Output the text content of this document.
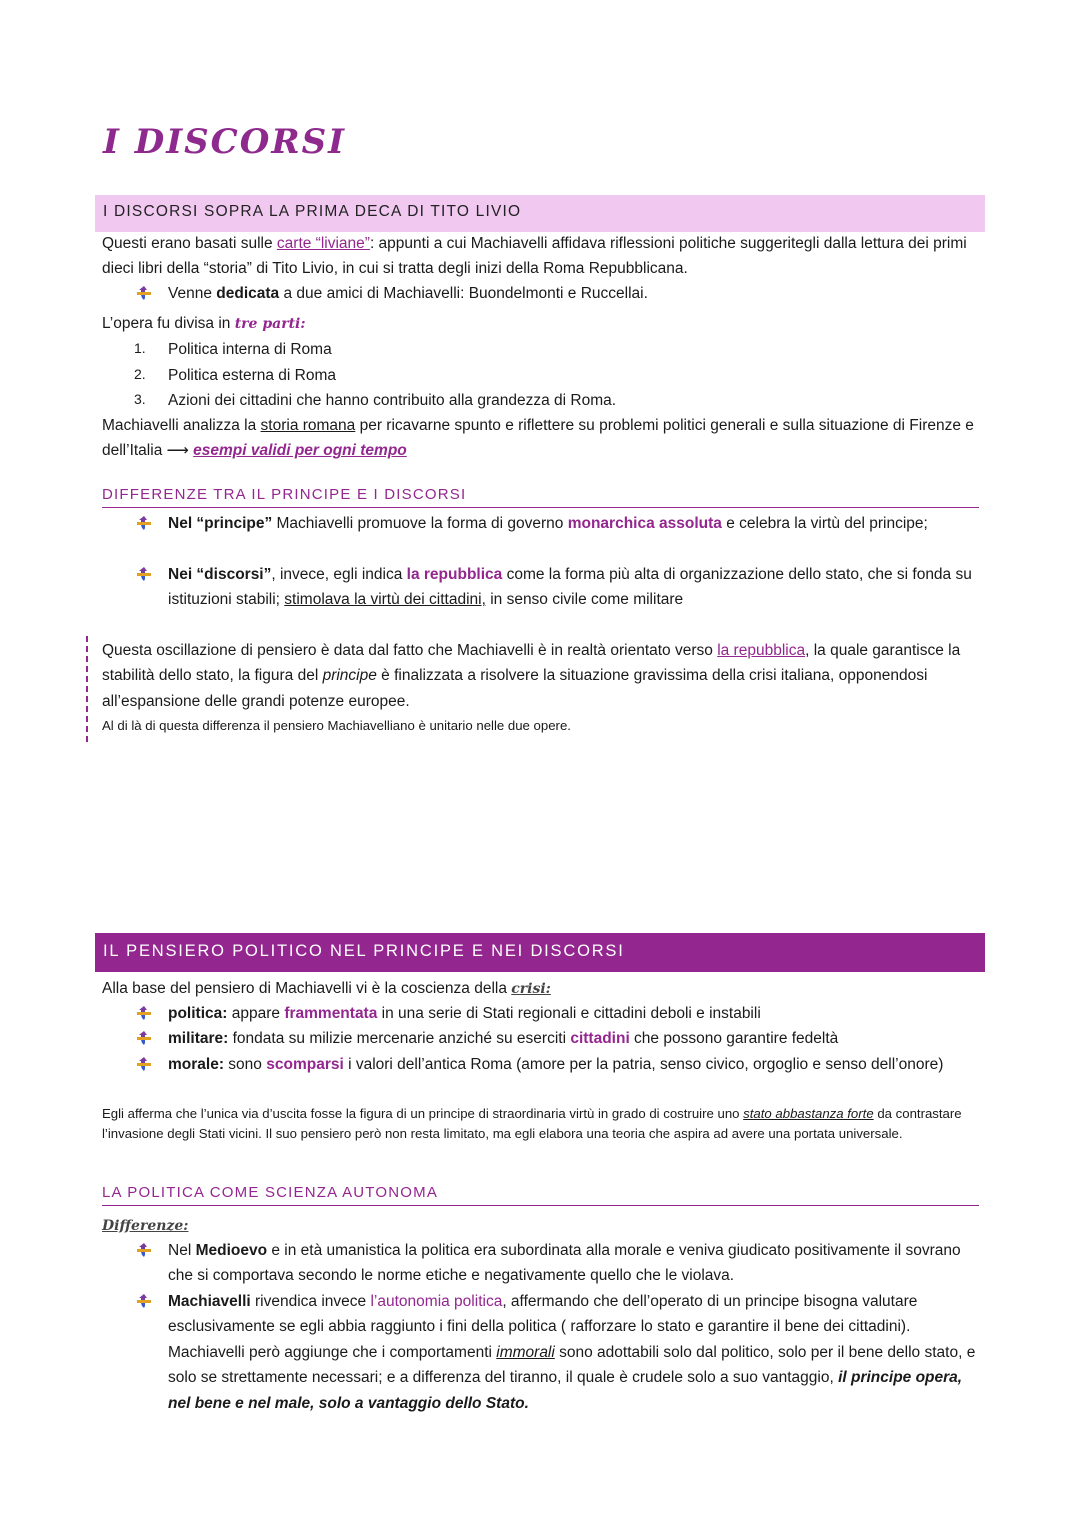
I DISCORSI
I DISCORSI SOPRA LA PRIMA DECA DI TITO LIVIO
Questi erano basati sulle carte “liviane”: appunti a cui Machiavelli affidava riflessioni politiche suggeritegli dalla lettura dei primi dieci libri della “storia” di Tito Livio, in cui si tratta degli inizi della Roma Repubblicana.
Venne dedicata a due amici di Machiavelli: Buondelmonti e Ruccellai.
L’opera fu divisa in tre parti:
Machiavelli analizza la storia romana per ricavarne spunto e riflettere su problemi politici generali e sulla situazione di Firenze e dell’Italia ⟶ esempi validi per ogni tempo
DIFFERENZE TRA IL PRINCIPE E I DISCORSI
Nel “principe” Machiavelli promuove la forma di governo monarchica assoluta e celebra la virtù del principe;
Nei “discorsi”, invece, egli indica la repubblica come la forma più alta di organizzazione dello stato, che si fonda su istituzioni stabili; stimolava la virtù dei cittadini, in senso civile come militare
Questa oscillazione di pensiero è data dal fatto che Machiavelli è in realtà orientato verso la repubblica, la quale garantisce la stabilità dello stato, la figura del principe è finalizzata a risolvere la situazione gravissima della crisi italiana, opponendosi all’espansione delle grandi potenze europee.
Al di là di questa differenza il pensiero Machiavelliano è unitario nelle due opere.
IL PENSIERO POLITICO NEL PRINCIPE E NEI DISCORSI
Alla base del pensiero di Machiavelli vi è la coscienza della crisi:
politica: appare frammentata in una serie di Stati regionali e cittadini deboli e instabili
militare: fondata su milizie mercenarie anziché su eserciti cittadini che possono garantire fedeltà
morale: sono scomparsi i valori dell’antica Roma (amore per la patria, senso civico, orgoglio e senso dell’onore)
Egli afferma che l’unica via d’uscita fosse la figura di un principe di straordinaria virtù in grado di costruire uno stato abbastanza forte da contrastare l’invasione degli Stati vicini. Il suo pensiero però non resta limitato, ma egli elabora una teoria che aspira ad avere una portata universale.
LA POLITICA COME SCIENZA AUTONOMA
Differenze:
Nel Medioevo e in età umanistica la politica era subordinata alla morale e veniva giudicato positivamente il sovrano che si comportava secondo le norme etiche e negativamente quello che le violava.
Machiavelli rivendica invece l’autonomia politica, affermando che dell’operato di un principe bisogna valutare esclusivamente se egli abbia raggiunto i fini della politica ( rafforzare lo stato e garantire il bene dei cittadini). Machiavelli però aggiunge che i comportamenti immorali sono adottabili solo dal politico, solo per il bene dello stato, e solo se strettamente necessari; e a differenza del tiranno, il quale è crudele solo a suo vantaggio, il principe opera, nel bene e nel male, solo a vantaggio dello Stato.
1.	Politica interna di Roma
2.	Politica esterna di Roma
3.	Azioni dei cittadini che hanno contribuito alla grandezza di Roma.
